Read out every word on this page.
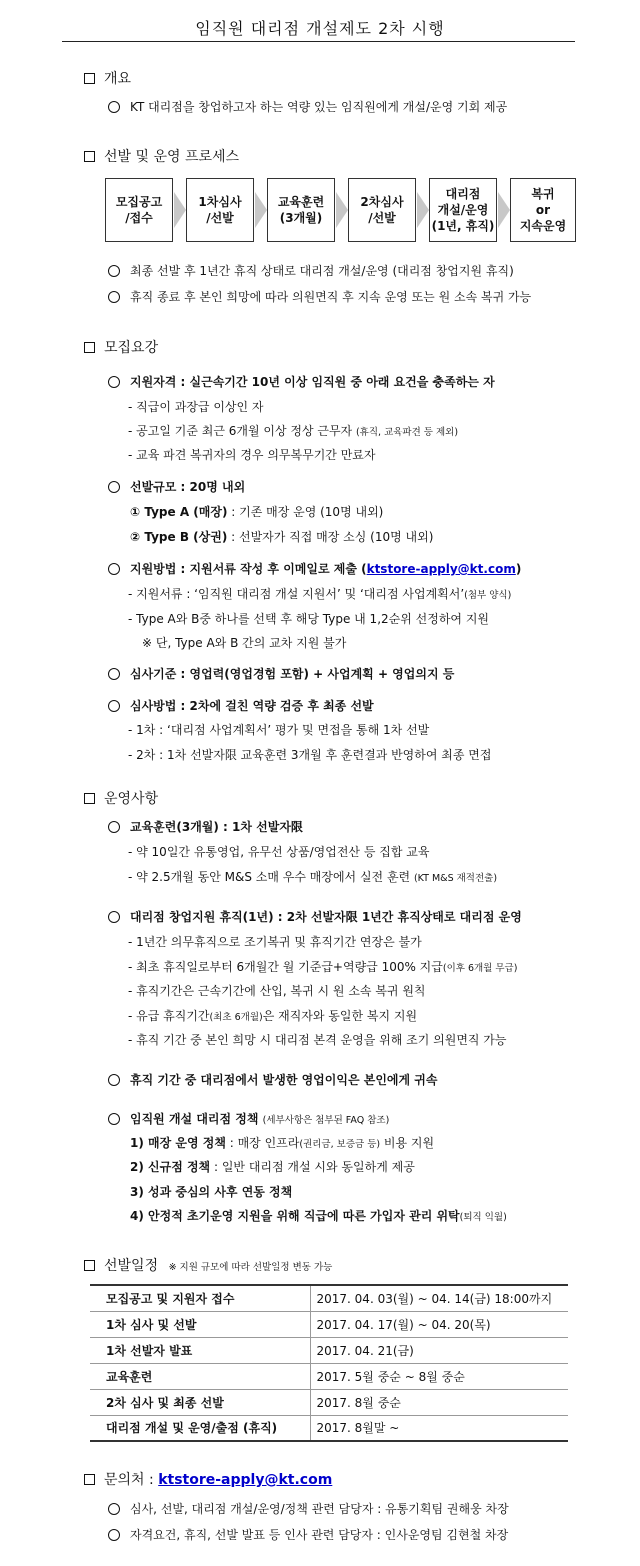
임직원 대리점 개설제도 2차 시행
개요
KT 대리점을 창업하고자 하는 역량 있는 임직원에게 개설/운영 기회 제공
선발 및 운영 프로세스
모집공고
/접수
1차심사
/선발
교육훈련
(3개월)
2차심사
/선발
대리점
개설/운영
(1년, 휴직)
복귀
or
지속운영
최종 선발 후 1년간 휴직 상태로 대리점 개설/운영 (대리점 창업지원 휴직)
휴직 종료 후 본인 희망에 따라 의원면직 후 지속 운영 또는 원 소속 복귀 가능
모집요강
지원자격 : 실근속기간 10년 이상 임직원 중 아래 요건을 충족하는 자
- 직급이 과장급 이상인 자
- 공고일 기준 최근 6개월 이상 정상 근무자 (휴직, 교육파견 등 제외)
- 교육 파견 복귀자의 경우 의무복무기간 만료자
선발규모 : 20명 내외
① Type A (매장) : 기존 매장 운영 (10명 내외)
② Type B (상권) : 선발자가 직접 매장 소싱 (10명 내외)
지원방법 : 지원서류 작성 후 이메일로 제출 (ktstore-apply@kt.com)
- 지원서류 : ‘임직원 대리점 개설 지원서’ 및 ‘대리점 사업계획서’(첨부 양식)
- Type A와 B중 하나를 선택 후 해당 Type 내 1,2순위 선정하여 지원
※ 단, Type A와 B 간의 교차 지원 불가
심사기준 : 영업력(영업경험 포함) + 사업계획 + 영업의지 등
심사방법 : 2차에 걸친 역량 검증 후 최종 선발
- 1차 : ‘대리점 사업계획서’ 평가 및 면접을 통해 1차 선발
- 2차 : 1차 선발자限 교육훈련 3개월 후 훈련결과 반영하여 최종 면접
운영사항
교육훈련(3개월) : 1차 선발자限
- 약 10일간 유통영업, 유무선 상품/영업전산 등 집합 교육
- 약 2.5개월 동안 M&S 소매 우수 매장에서 실전 훈련 (KT M&S 재적전출)
대리점 창업지원 휴직(1년) : 2차 선발자限 1년간 휴직상태로 대리점 운영
- 1년간 의무휴직으로 조기복귀 및 휴직기간 연장은 불가
- 최초 휴직일로부터 6개월간 월 기준급+역량급 100% 지급(이후 6개월 무급)
- 휴직기간은 근속기간에 산입, 복귀 시 원 소속 복귀 원칙
- 유급 휴직기간(최초 6개월)은 재직자와 동일한 복지 지원
- 휴직 기간 중 본인 희망 시 대리점 본격 운영을 위해 조기 의원면직 가능
휴직 기간 중 대리점에서 발생한 영업이익은 본인에게 귀속
임직원 개설 대리점 정책 (세부사항은 첨부된 FAQ 참조)
1) 매장 운영 정책 : 매장 인프라(권리금, 보증금 등) 비용 지원
2) 신규점 정책 : 일반 대리점 개설 시와 동일하게 제공
3) 성과 중심의 사후 연동 정책
4) 안정적 초기운영 지원을 위해 직급에 따른 가입자 관리 위탁(퇴직 익월)
선발일정 ※ 지원 규모에 따라 선발일정 변동 가능
모집공고 및 지원자 접수	2017. 04. 03(월) ~ 04. 14(금) 18:00까지
1차 심사 및 선발	2017. 04. 17(월) ~ 04. 20(목)
1차 선발자 발표	2017. 04. 21(금)
교육훈련	2017. 5월 중순 ~ 8월 중순
2차 심사 및 최종 선발	2017. 8월 중순
대리점 개설 및 운영/출점 (휴직)	2017. 8월말 ~
문의처 : ktstore-apply@kt.com
심사, 선발, 대리점 개설/운영/정책 관련 담당자 : 유통기획팀 권해웅 차장
자격요건, 휴직, 선발 발표 등 인사 관련 담당자 : 인사운영팀 김현철 차장
